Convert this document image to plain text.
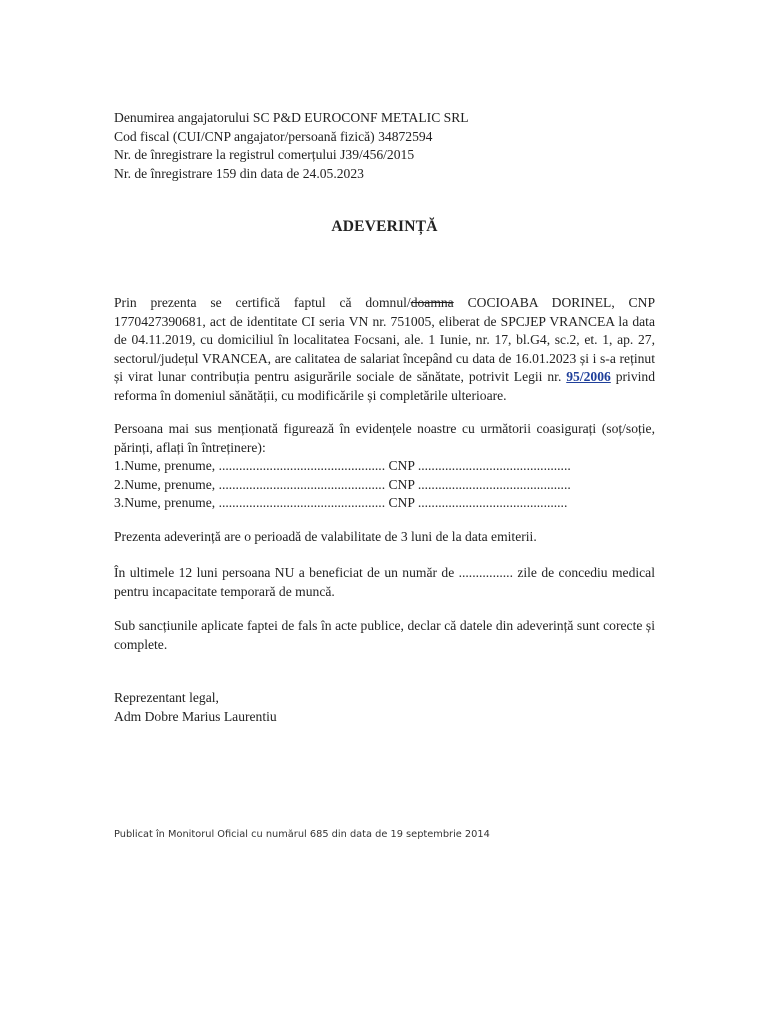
Denumirea angajatorului SC P&D EUROCONF METALIC SRL
Cod fiscal (CUI/CNP angajator/persoană fizică) 34872594
Nr. de înregistrare la registrul comerțului J39/456/2015
Nr. de înregistrare 159 din data de 24.05.2023
ADEVERINȚĂ

Prin prezenta se certifică faptul că domnul/doamna COCIOABA DORINEL, CNP 1770427390681, act de identitate CI seria VN nr. 751005, eliberat de SPCJEP VRANCEA la data de 04.11.2019, cu domiciliul în localitatea Focsani, ale. 1 Iunie, nr. 17, bl.G4, sc.2, et. 1, ap. 27, sectorul/județul VRANCEA, are calitatea de salariat începând cu data de 16.01.2023 și i s-a reținut și virat lunar contribuția pentru asigurările sociale de sănătate, potrivit Legii nr. 95/2006 privind reforma în domeniul sănătății, cu modificările și completările ulterioare.

Persoana mai sus menționată figurează în evidențele noastre cu următorii coasigurați (soț/soție, părinți, aflați în întreținere):

1.Nume, prenume, ................................................. CNP .............................................
2.Nume, prenume, ................................................. CNP .............................................
3.Nume, prenume, ................................................. CNP ............................................

Prezenta adeverință are o perioadă de valabilitate de 3 luni de la data emiterii.

În ultimele 12 luni persoana NU a beneficiat de un număr de ................ zile de concediu medical pentru incapacitate temporară de muncă.

Sub sancțiunile aplicate faptei de fals în acte publice, declar că datele din adeverință sunt corecte și complete.

Reprezentant legal,
Adm Dobre Marius Laurentiu
Publicat în Monitorul Oficial cu numărul 685 din data de 19 septembrie 2014
